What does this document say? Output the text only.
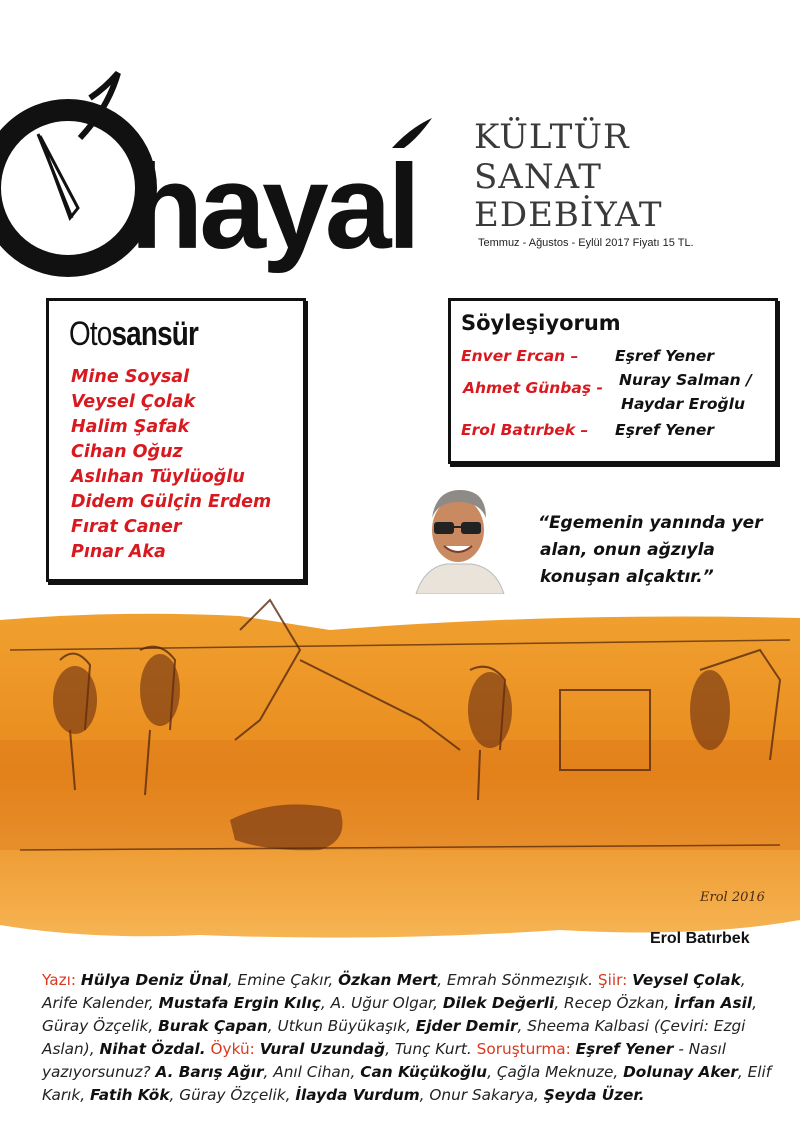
hayal
KÜLTÜR
SANAT
EDEBİYAT
Temmuz - Ağustos - Eylül 2017 Fiyatı 15 TL.
Otosansür
Mine Soysal
Veysel Çolak
Halim Şafak
Cihan Oğuz
Aslıhan Tüylüoğlu
Didem Gülçin Erdem
Fırat Caner
Pınar Aka
Söyleşiyorum
Enver Ercan – Eşref Yener
Ahmet Günbaş - Nuray Salman /
Haydar Eroğlu
Erol Batırbek – Eşref Yener
“Egemenin yanında yer
alan, onun ağzıyla
konuşan alçaktır.”
Erol 2016
Erol Batırbek
Yazı: Hülya Deniz Ünal, Emine Çakır, Özkan Mert, Emrah Sönmezışık. Şiir: Veysel Çolak, Arife Kalender, Mustafa Ergin Kılıç, A. Uğur Olgar, Dilek Değerli, Recep Özkan, İrfan Asil, Güray Özçelik, Burak Çapan, Utkun Büyükaşık, Ejder Demir, Sheema Kalbasi (Çeviri: Ezgi Aslan), Nihat Özdal. Öykü: Vural Uzundağ, Tunç Kurt. Soruşturma: Eşref Yener - Nasıl yazıyorsunuz? A. Barış Ağır, Anıl Cihan, Can Küçükoğlu, Çağla Meknuze, Dolunay Aker, Elif Karık, Fatih Kök, Güray Özçelik, İlayda Vurdum, Onur Sakarya, Şeyda Üzer.
